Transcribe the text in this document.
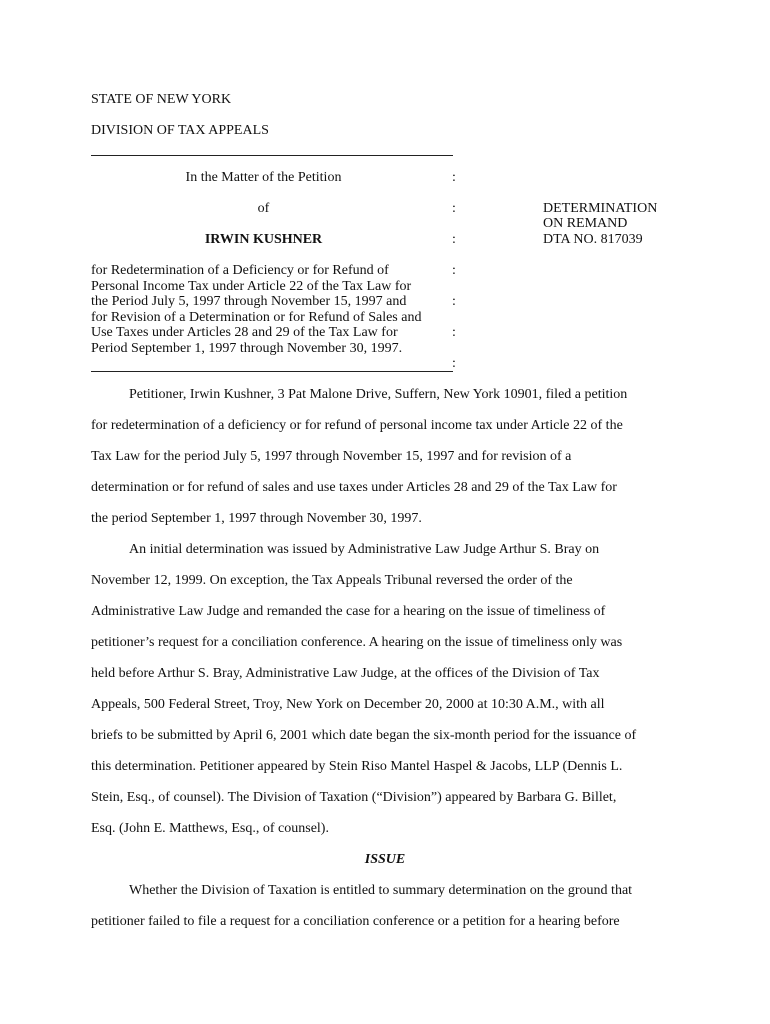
STATE OF NEW YORK
DIVISION OF TAX APPEALS
In the Matter of the Petition
of
IRWIN KUSHNER
for Redetermination of a Deficiency or for Refund of
Personal Income Tax under Article 22 of the Tax Law for
the Period July 5, 1997 through November 15, 1997 and
for Revision of a Determination or for Refund of Sales and
Use Taxes under Articles 28 and 29 of the Tax Law for
Period September 1, 1997 through November 30, 1997.
:
:
:
:
:
:
:
DETERMINATION
ON REMAND
DTA NO. 817039
Petitioner, Irwin Kushner, 3 Pat Malone Drive, Suffern, New York 10901, filed a petition
for redetermination of a deficiency or for refund of personal income tax under Article 22 of the
Tax Law for the period July 5, 1997 through November 15, 1997 and for revision of a
determination or for refund of sales and use taxes under Articles 28 and 29 of the Tax Law for
the period September 1, 1997 through November 30, 1997.
An initial determination was issued by Administrative Law Judge Arthur S. Bray on
November 12, 1999. On exception, the Tax Appeals Tribunal reversed the order of the
Administrative Law Judge and remanded the case for a hearing on the issue of timeliness of
petitioner’s request for a conciliation conference. A hearing on the issue of timeliness only was
held before Arthur S. Bray, Administrative Law Judge, at the offices of the Division of Tax
Appeals, 500 Federal Street, Troy, New York on December 20, 2000 at 10:30 A.M., with all
briefs to be submitted by April 6, 2001 which date began the six-month period for the issuance of
this determination. Petitioner appeared by Stein Riso Mantel Haspel & Jacobs, LLP (Dennis L.
Stein, Esq., of counsel). The Division of Taxation (“Division”) appeared by Barbara G. Billet,
Esq. (John E. Matthews, Esq., of counsel).
ISSUE
Whether the Division of Taxation is entitled to summary determination on the ground that
petitioner failed to file a request for a conciliation conference or a petition for a hearing before
